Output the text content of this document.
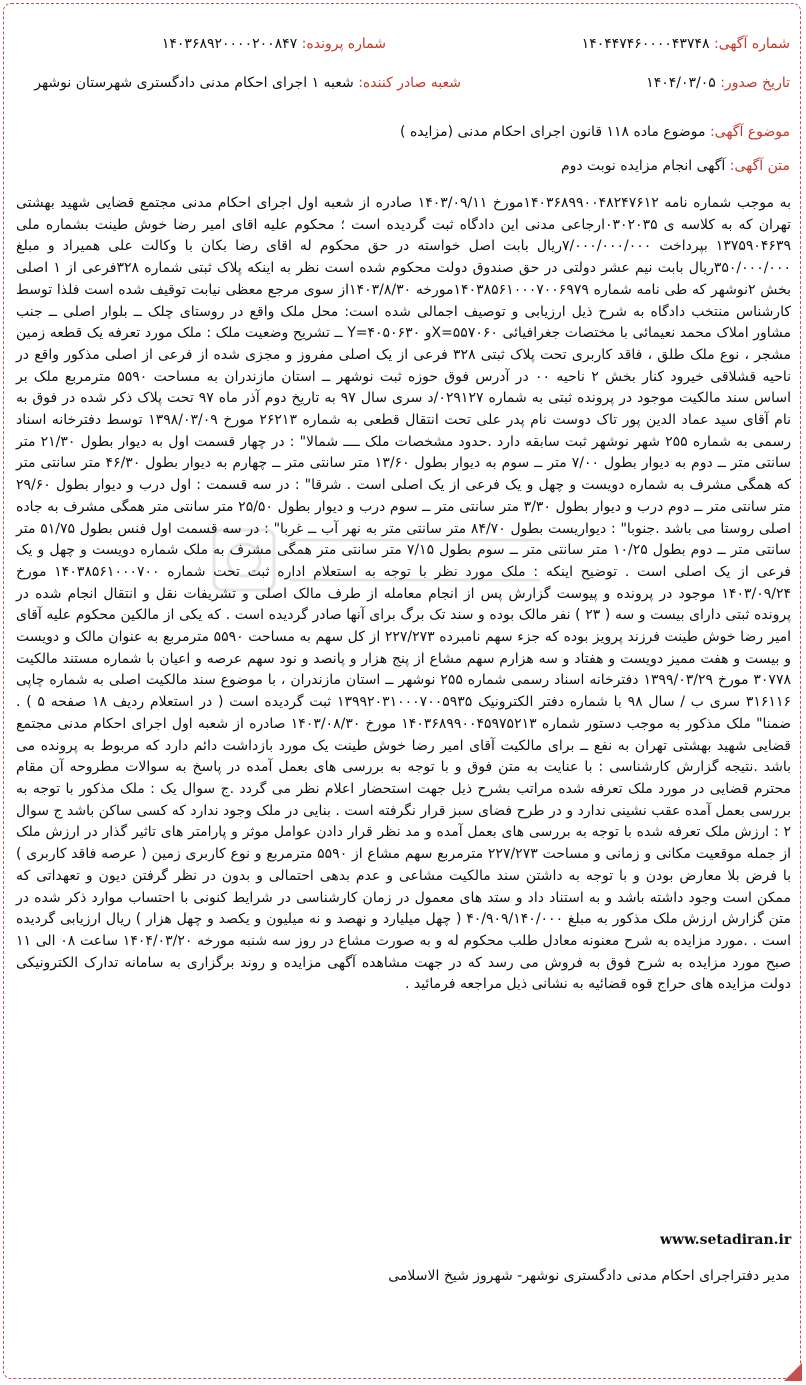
شماره آگهی: ۱۴۰۴۴۷۴۶۰۰۰۰۴۳۷۴۸
شماره پرونده: ۱۴۰۳۶۸۹۲۰۰۰۰۲۰۰۸۴۷
تاریخ صدور: ۱۴۰۴/۰۳/۰۵
شعبه صادر کننده: شعبه ۱ اجرای احکام مدنی دادگستری شهرستان نوشهر
موضوع آگهی: موضوع ماده ۱۱۸ قانون اجرای احکام مدنی (مزایده )
متن آگهی: آگهی انجام مزایده نوبت دوم

به موجب شماره نامه ۱۴۰۳۶۸۹۹۰۰۴۸۲۴۷۶۱۲مورخ ۱۴۰۳/۰۹/۱۱ صادره از شعبه اول اجرای احکام مدنی مجتمع قضایی شهید بهشتی تهران که به کلاسه ی ۰۳۰۲۰۳۵ارجاعی مدنی این دادگاه ثبت گردیده است ؛ محکوم علیه اقای امیر رضا خوش طینت بشماره ملی ۱۳۷۵۹۰۴۶۳۹ بپرداخت ۷/۰۰۰/۰۰۰/۰۰۰ریال بابت اصل خواسته در حق محکوم له اقای رضا بکان با وکالت علی همیراد و مبلغ ۳۵۰/۰۰۰/۰۰۰ریال بابت نیم عشر دولتی در حق صندوق دولت محکوم شده است نظر به اینکه پلاک ثبتی شماره ۳۲۸فرعی از ۱ اصلی بخش ۲نوشهر که طی نامه شماره ۱۴۰۳۸۵۶۱۰۰۰۷۰۰۶۹۷۹مورخه ۱۴۰۳/۸/۳۰از سوی مرجع معظی نیابت توقیف شده است فلذا توسط کارشناس منتخب دادگاه به شرح ذیل ارزیابی و توصیف اجمالی شده است: محل ملک واقع در روستای چلک ــ بلوار اصلی ــ جنب مشاور املاک محمد نعیمائی با مختصات جغرافیائی X=۵۵۷۰۶۰و Y=۴۰۵۰۶۳۰ ــ تشریح وضعیت ملک : ملک مورد تعرفه یک قطعه زمین مشجر ، نوع ملک طلق ، فاقد کاربری تحت پلاک ثبتی ۳۲۸ فرعی از یک اصلی مفروز و مجزی شده از فرعی از اصلی مذکور واقع در ناحیه قشلاقی خیرود کنار بخش ۲ ناحیه ۰۰ در آدرس فوق حوزه ثبت نوشهر ــ استان مازندران به مساحت ۵۵۹۰ مترمربع ملک بر اساس سند مالکیت موجود در پرونده ثبتی به شماره ۰۲۹۱۲۷/د سری سال ۹۷ به تاریخ دوم آذر ماه ۹۷ تحت پلاک ذکر شده در فوق به نام آقای سید عماد الدین پور تاک دوست نام پدر علی تحت انتقال قطعی به شماره ۲۶۲۱۳ مورخ ۱۳۹۸/۰۳/۰۹ توسط دفترخانه اسناد رسمی به شماره ۲۵۵ شهر نوشهر ثبت سابقه دارد .حدود مشخصات ملک ــــ شمالا" : در چهار قسمت اول به دیوار بطول ۲۱/۳۰ متر سانتی متر ــ دوم به دیوار بطول ۷/۰۰ متر ــ سوم به دیوار بطول ۱۳/۶۰ متر سانتی متر ــ چهارم به دیوار بطول ۴۶/۳۰ متر سانتی متر که همگی مشرف به شماره دویست و چهل و یک فرعی از یک اصلی است . شرقا" : در سه قسمت : اول درب و دیوار بطول ۲۹/۶۰ متر سانتی متر ــ دوم درب و دیوار بطول ۳/۳۰ متر سانتی متر ــ سوم درب و دیوار بطول ۲۵/۵۰ متر سانتی متر همگی مشرف به جاده اصلی روستا می باشد .جنوبا" : دیواریست بطول ۸۴/۷۰ متر سانتی متر به نهر آب ــ غربا" : در سه قسمت اول فنس بطول ۵۱/۷۵ متر سانتی متر ــ دوم بطول ۱۰/۲۵ متر سانتی متر ــ سوم بطول ۷/۱۵ متر سانتی متر همگی مشرف به ملک شماره دویست و چهل و یک فرعی از یک اصلی است . توضیح اینکه : ملک مورد نظر با توجه به استعلام اداره ثبت تحت شماره ۱۴۰۳۸۵۶۱۰۰۰۷۰۰ مورخ ۱۴۰۳/۰۹/۲۴ موجود در پرونده و پیوست گزارش پس از انجام معامله از طرف مالک اصلی و تشریفات نقل و انتقال انجام شده در پرونده ثبتی دارای بیست و سه ( ۲۳ ) نفر مالک بوده و سند تک برگ برای آنها صادر گردیده است . که یکی از مالکین محکوم علیه آقای امیر رضا خوش طینت فرزند پرویز بوده که جزء سهم نامبرده ۲۲۷/۲۷۳ از کل سهم به مساحت ۵۵۹۰ مترمربع به عنوان مالک و دویست و بیست و هفت ممیز دویست و هفتاد و سه هزارم سهم مشاع از پنج هزار و پانصد و نود سهم عرصه و اعیان با شماره مستند مالکیت ۳۰۷۷۸ مورخ ۱۳۹۹/۰۳/۲۹ دفترخانه اسناد رسمی شماره ۲۵۵ نوشهر ــ استان مازندران ، با موضوع سند مالکیت اصلی به شماره چاپی ۳۱۶۱۱۶ سری ب / سال ۹۸ با شماره دفتر الکترونیک ۱۳۹۹۲۰۳۱۰۰۰۷۰۰۵۹۳۵ ثبت گردیده است ( در استعلام ردیف ۱۸ صفحه ۵ ) . ضمنا" ملک مذکور به موجب دستور شماره ۱۴۰۳۶۸۹۹۰۰۴۵۹۷۵۲۱۳ مورخ ۱۴۰۳/۰۸/۳۰ صادره از شعبه اول اجرای احکام مدنی مجتمع قضایی شهید بهشتی تهران به نفع ــ برای مالکیت آقای امیر رضا خوش طینت یک مورد بازداشت دائم دارد که مربوط به پرونده می باشد .نتیجه گزارش کارشناسی : با عنایت به متن فوق و با توجه به بررسی های بعمل آمده در پاسخ به سوالات مطروحه آن مقام محترم قضایی در مورد ملک تعرفه شده مراتب بشرح ذیل جهت استحضار اعلام نظر می گردد .ج سوال یک : ملک مذکور با توجه به بررسی بعمل آمده عقب نشینی ندارد و در طرح فضای سبز قرار نگرفته است . بنایی در ملک وجود ندارد که کسی ساکن باشد ج سوال ۲ : ارزش ملک تعرفه شده با توجه به بررسی های بعمل آمده و مد نظر قرار دادن عوامل موثر و پارامتر های تاثیر گذار در ارزش ملک از جمله موقعیت مکانی و زمانی و مساحت ۲۲۷/۲۷۳ مترمربع سهم مشاع از ۵۵۹۰ مترمربع و نوع کاربری زمین ( عرصه فاقد کاربری ) با فرض بلا معارض بودن و با توجه به داشتن سند مالکیت مشاعی و عدم بدهی احتمالی و بدون در نظر گرفتن دیون و تعهداتی که ممکن است وجود داشته باشد و به استناد داد و ستد های معمول در زمان کارشناسی در شرایط کنونی با احتساب موارد ذکر شده در متن گزارش ارزش ملک مذکور به مبلغ ۴۰/۹۰۹/۱۴۰/۰۰۰ ( چهل میلیارد و نهصد و نه میلیون و یکصد و چهل هزار ) ریال ارزیابی گردیده است . .مورد مزایده به شرح معنونه معادل طلب محکوم له و به صورت مشاع در روز سه شنبه مورخه ۱۴۰۴/۰۳/۲۰ ساعت ۰۸ الی ۱۱ صبح مورد مزایده به شرح فوق به فروش می رسد که در جهت مشاهده آگهی مزایده و روند برگزاری به سامانه تدارک الکترونیکی دولت مزایده های حراج قوه قضائیه به نشانی ذیل مراجعه فرمائید .

www.setadiran.ir
مدیر دفتراجرای احکام مدنی دادگستری نوشهر- شهروز شیخ الاسلامی
